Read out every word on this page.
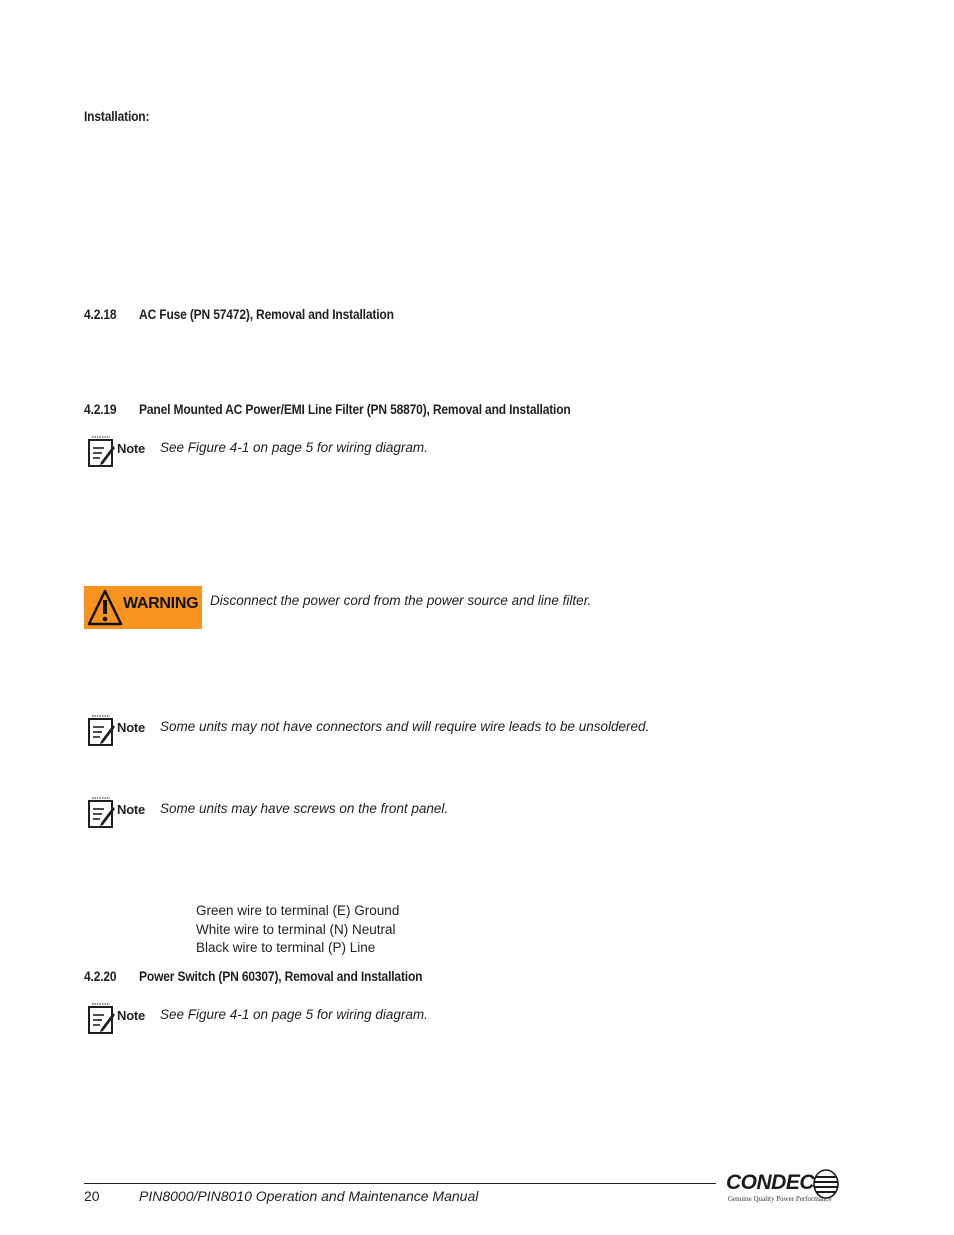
Installation:
4.2.18 AC Fuse (PN 57472), Removal and Installation
4.2.19 Panel Mounted AC Power/EMI Line Filter (PN 58870), Removal and Installation
Note See Figure 4-1 on page 5 for wiring diagram.
WARNING Disconnect the power cord from the power source and line filter.
Note Some units may not have connectors and will require wire leads to be unsoldered.
Note Some units may have screws on the front panel.
Green wire to terminal (E) Ground
White wire to terminal (N) Neutral
Black wire to terminal (P) Line
4.2.20 Power Switch (PN 60307), Removal and Installation
Note See Figure 4-1 on page 5 for wiring diagram.
20	PIN8000/PIN8010 Operation and Maintenance Manual
CONDEC
Genuine Quality Power Performance
